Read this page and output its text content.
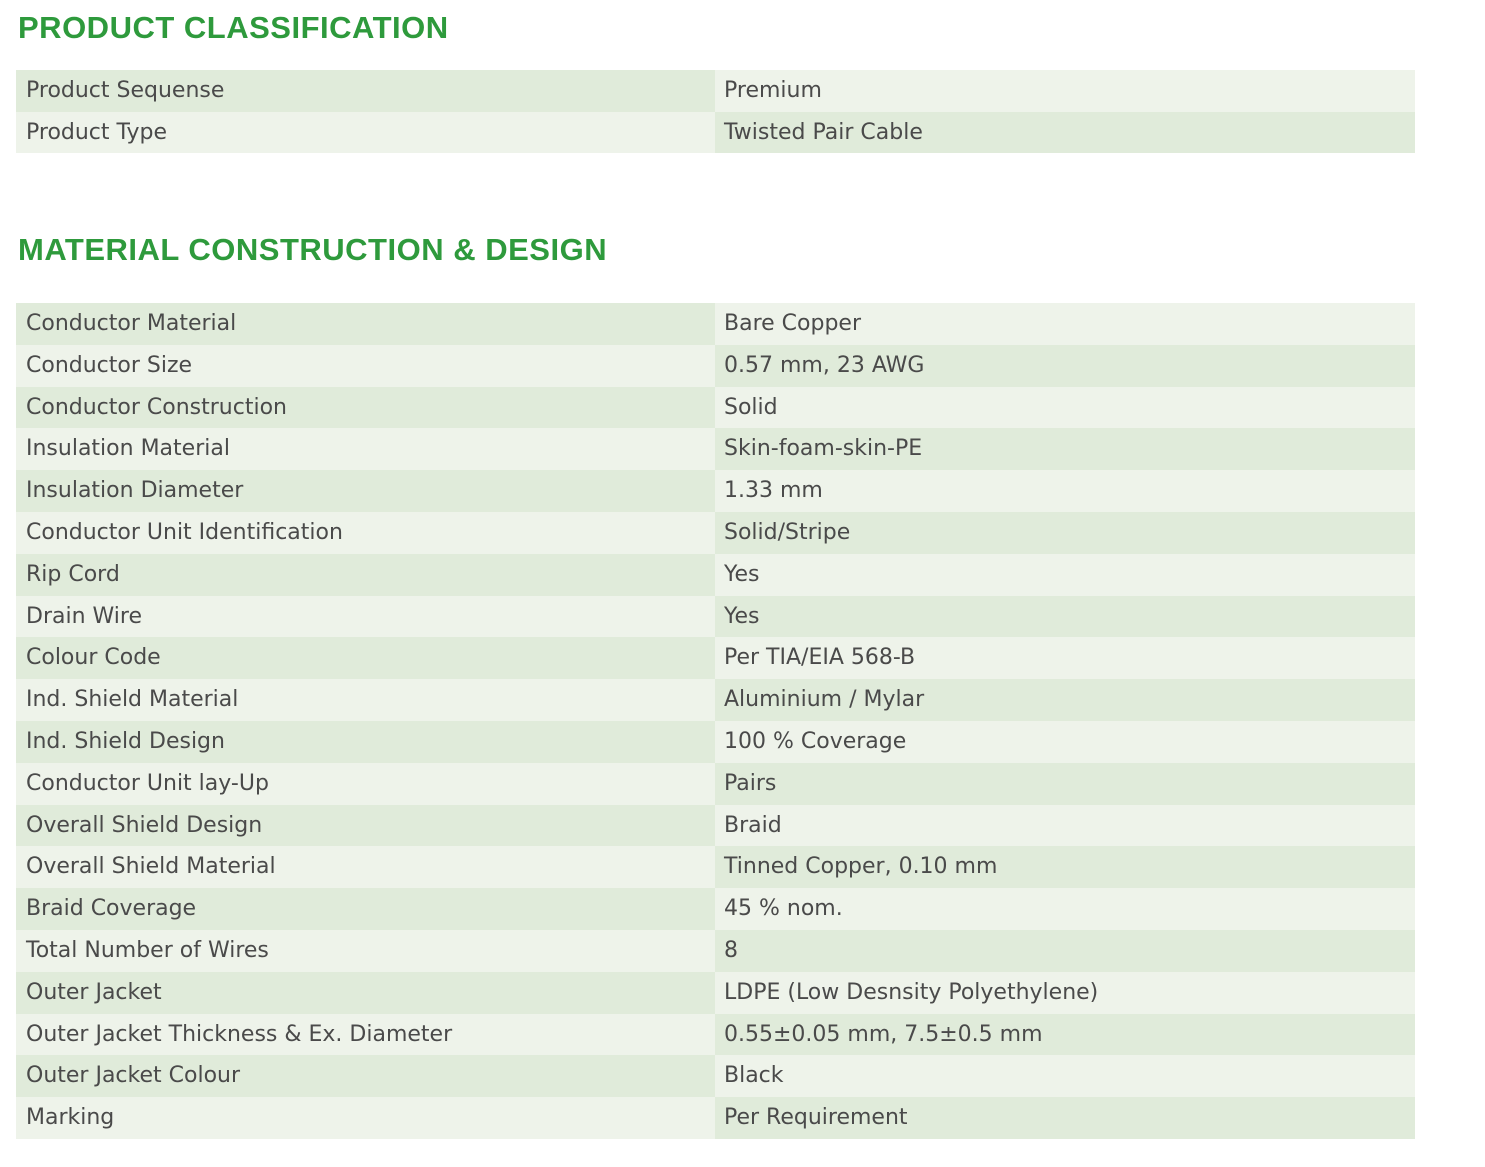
PRODUCT CLASSIFICATION
Product Sequense	Premium
Product Type	Twisted Pair Cable
MATERIAL CONSTRUCTION & DESIGN
Conductor Material	Bare Copper
Conductor Size	0.57 mm, 23 AWG
Conductor Construction	Solid
Insulation Material	Skin-foam-skin-PE
Insulation Diameter	1.33 mm
Conductor Unit Identification	Solid/Stripe
Rip Cord	Yes
Drain Wire	Yes
Colour Code	Per TIA/EIA 568-B
Ind. Shield Material	Aluminium / Mylar
Ind. Shield Design	100 % Coverage
Conductor Unit lay-Up	Pairs
Overall Shield Design	Braid
Overall Shield Material	Tinned Copper, 0.10 mm
Braid Coverage	45 % nom.
Total Number of Wires	8
Outer Jacket	LDPE (Low Desnsity Polyethylene)
Outer Jacket Thickness & Ex. Diameter	0.55±0.05 mm, 7.5±0.5 mm
Outer Jacket Colour	Black
Marking	Per Requirement
